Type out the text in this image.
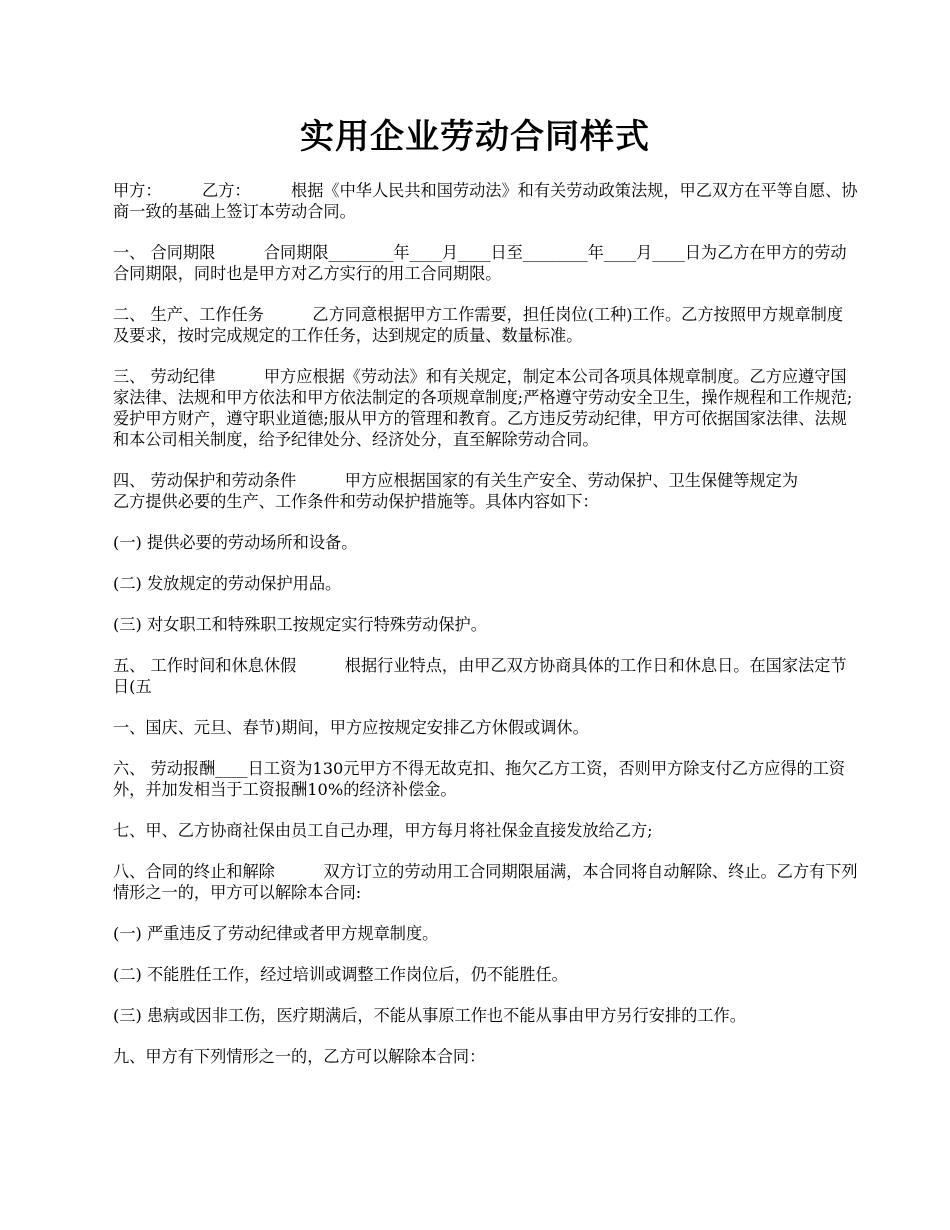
实用企业劳动合同样式

甲方：　　　乙方：　　　根据《中华人民共和国劳动法》和有关劳动政策法规，甲乙双方在平等自愿、协商一致的基础上签订本劳动合同。

一、 合同期限　　　合同期限________年____月____日至________年____月____日为乙方在甲方的劳动合同期限，同时也是甲方对乙方实行的用工合同期限。

二、 生产、工作任务　　　乙方同意根据甲方工作需要，担任岗位(工种)工作。乙方按照甲方规章制度及要求，按时完成规定的工作任务，达到规定的质量、数量标准。

三、 劳动纪律　　　甲方应根据《劳动法》和有关规定，制定本公司各项具体规章制度。乙方应遵守国家法律、法规和甲方依法和甲方依法制定的各项规章制度;严格遵守劳动安全卫生，操作规程和工作规范;爱护甲方财产，遵守职业道德;服从甲方的管理和教育。乙方违反劳动纪律，甲方可依据国家法律、法规和本公司相关制度，给予纪律处分、经济处分，直至解除劳动合同。

四、 劳动保护和劳动条件　　　甲方应根据国家的有关生产安全、劳动保护、卫生保健等规定为　　　乙方提供必要的生产、工作条件和劳动保护措施等。具体内容如下：

(一) 提供必要的劳动场所和设备。

(二) 发放规定的劳动保护用品。

(三) 对女职工和特殊职工按规定实行特殊劳动保护。

五、 工作时间和休息休假　　　根据行业特点，由甲乙双方协商具体的工作日和休息日。在国家法定节日(五

一、国庆、元旦、春节)期间，甲方应按规定安排乙方休假或调休。

六、 劳动报酬____日工资为130元甲方不得无故克扣、拖欠乙方工资，否则甲方除支付乙方应得的工资外，并加发相当于工资报酬10%的经济补偿金。

七、甲、乙方协商社保由员工自己办理，甲方每月将社保金直接发放给乙方;

八、合同的终止和解除　　　双方订立的劳动用工合同期限届满，本合同将自动解除、终止。乙方有下列情形之一的，甲方可以解除本合同:

(一) 严重违反了劳动纪律或者甲方规章制度。

(二) 不能胜任工作，经过培训或调整工作岗位后，仍不能胜任。

(三) 患病或因非工伤，医疗期满后，不能从事原工作也不能从事由甲方另行安排的工作。

九、甲方有下列情形之一的，乙方可以解除本合同：
